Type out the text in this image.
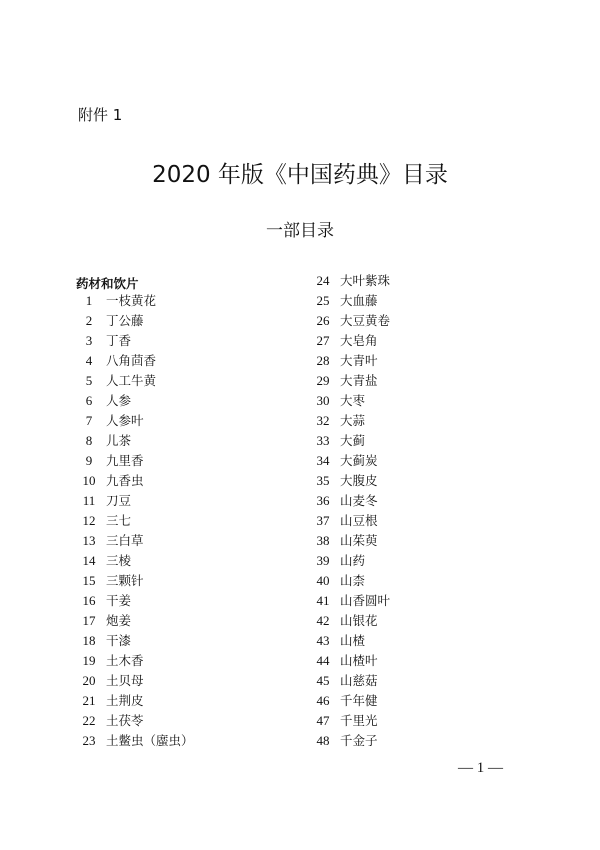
附件 1
2020 年版《中国药典》目录
一部目录
药材和饮片
1 一枝黄花
2 丁公藤
3 丁香
4 八角茴香
5 人工牛黄
6 人参
7 人参叶
8 儿茶
9 九里香
10 九香虫
11 刀豆
12 三七
13 三白草
14 三棱
15 三颗针
16 干姜
17 炮姜
18 干漆
19 土木香
20 土贝母
21 土荆皮
22 土茯苓
23 土鳖虫（䗪虫）
24 大叶紫珠
25 大血藤
26 大豆黄卷
27 大皂角
28 大青叶
29 大青盐
30 大枣
32 大蒜
33 大蓟
34 大蓟炭
35 大腹皮
36 山麦冬
37 山豆根
38 山茱萸
39 山药
40 山柰
41 山香圆叶
42 山银花
43 山楂
44 山楂叶
45 山慈菇
46 千年健
47 千里光
48 千金子
— 1 —
